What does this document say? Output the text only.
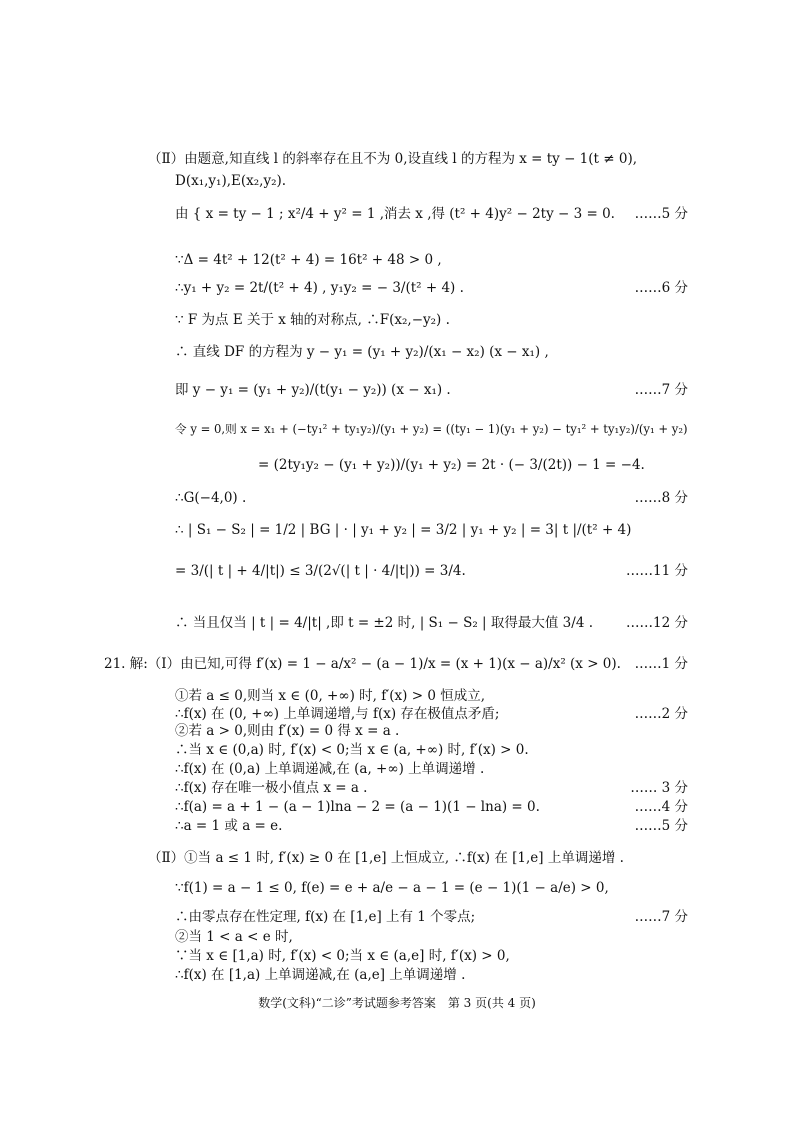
（Ⅱ）由题意,知直线 l 的斜率存在且不为 0,设直线 l 的方程为 x = ty − 1(t ≠ 0),
D(x₁,y₁),E(x₂,y₂).
由 { x = ty − 1 ; x²/4 + y² = 1 ,消去 x ,得 (t² + 4)y² − 2ty − 3 = 0. ……5 分
∵Δ = 4t² + 12(t² + 4) = 16t² + 48 > 0 ,
∴y₁ + y₂ = 2t/(t² + 4) , y₁y₂ = − 3/(t² + 4) .	……6 分
∵ F 为点 E 关于 x 轴的对称点, ∴F(x₂,−y₂) .
∴ 直线 DF 的方程为 y − y₁ = (y₁ + y₂)/(x₁ − x₂) (x − x₁) ,
即 y − y₁ = (y₁ + y₂)/(t(y₁ − y₂)) (x − x₁) .	……7 分
令 y = 0,则 x = x₁ + (−ty₁² + ty₁y₂)/(y₁ + y₂) = ((ty₁ − 1)(y₁ + y₂) − ty₁² + ty₁y₂)/(y₁ + y₂)
= (2ty₁y₂ − (y₁ + y₂))/(y₁ + y₂) = 2t · (− 3/(2t)) − 1 = −4.
∴G(−4,0) .	……8 分
∴ | S₁ − S₂ | = 1/2 | BG | · | y₁ + y₂ | = 3/2 | y₁ + y₂ | = 3| t |/(t² + 4)
= 3/(| t | + 4/|t|) ≤ 3/(2√(| t | · 4/|t|)) = 3/4.	……11 分
∴ 当且仅当 | t | = 4/|t| ,即 t = ±2 时, | S₁ − S₂ | 取得最大值 3/4 . ……12 分
21. 解:（Ⅰ）由已知,可得 f′(x) = 1 − a/x² − (a − 1)/x = (x + 1)(x − a)/x² (x > 0). ……1 分
①若 a ≤ 0,则当 x ∈ (0, +∞) 时, f′(x) > 0 恒成立,
∴f(x) 在 (0, +∞) 上单调递增,与 f(x) 存在极值点矛盾;	……2 分
②若 a > 0,则由 f′(x) = 0 得 x = a .
∴当 x ∈ (0,a) 时, f′(x) < 0;当 x ∈ (a, +∞) 时, f′(x) > 0.
∴f(x) 在 (0,a) 上单调递减,在 (a, +∞) 上单调递增 .
∴f(x) 存在唯一极小值点 x = a .	…… 3 分
∴f(a) = a + 1 − (a − 1)lna − 2 = (a − 1)(1 − lna) = 0.	……4 分
∴a = 1 或 a = e.	……5 分
（Ⅱ）①当 a ≤ 1 时, f′(x) ≥ 0 在 [1,e] 上恒成立, ∴f(x) 在 [1,e] 上单调递增 .
∵f(1) = a − 1 ≤ 0, f(e) = e + a/e − a − 1 = (e − 1)(1 − a/e) > 0,
∴由零点存在性定理, f(x) 在 [1,e] 上有 1 个零点;	……7 分
②当 1 < a < e 时,
∵当 x ∈ [1,a) 时, f′(x) < 0;当 x ∈ (a,e] 时, f′(x) > 0,
∴f(x) 在 [1,a) 上单调递减,在 (a,e] 上单调递增 .
数学(文科)“二诊”考试题参考答案　第 3 页(共 4 页)
